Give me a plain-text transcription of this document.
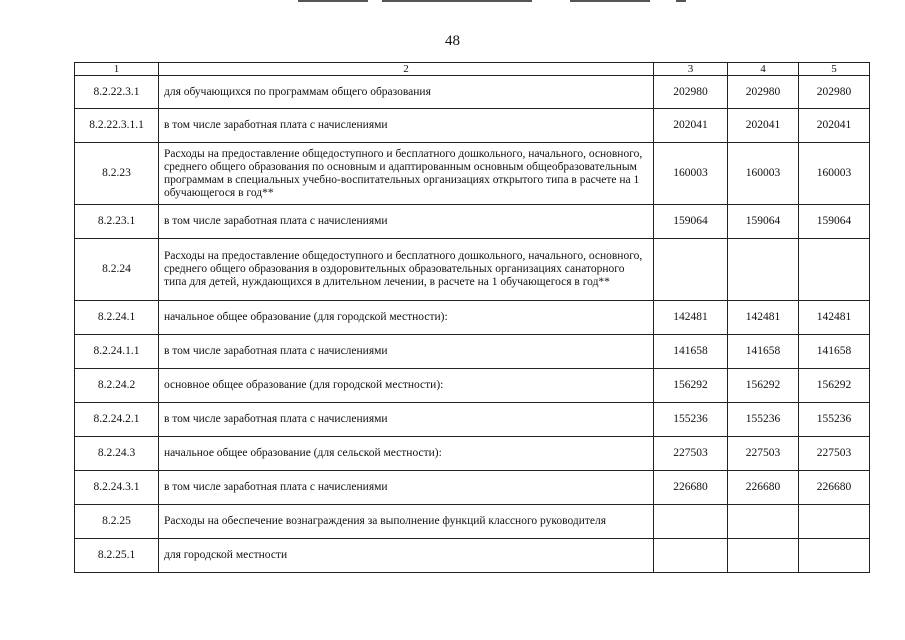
48
1	2	3	4	5
8.2.22.3.1	для обучающихся по программам общего образования	202980	202980	202980
8.2.22.3.1.1	в том числе заработная плата с начислениями	202041	202041	202041
8.2.23	Расходы на предоставление общедоступного и бесплатного дошкольного, начального, основного, среднего общего образования по основным и адаптированным основным общеобразовательным программам в специальных учебно-воспитательных организациях открытого типа в расчете на 1 обучающегося в год**	160003	160003	160003
8.2.23.1	в том числе заработная плата с начислениями	159064	159064	159064
8.2.24	Расходы на предоставление общедоступного и бесплатного дошкольного, начального, основного, среднего общего образования в оздоровительных образовательных организациях санаторного типа для детей, нуждающихся в длительном лечении, в расчете на 1 обучающегося в год**			
8.2.24.1	начальное общее образование (для городской местности):	142481	142481	142481
8.2.24.1.1	в том числе заработная плата с начислениями	141658	141658	141658
8.2.24.2	основное общее образование (для городской местности):	156292	156292	156292
8.2.24.2.1	в том числе заработная плата с начислениями	155236	155236	155236
8.2.24.3	начальное общее образование (для сельской местности):	227503	227503	227503
8.2.24.3.1	в том числе заработная плата с начислениями	226680	226680	226680
8.2.25	Расходы на обеспечение вознаграждения за выполнение функций классного руководителя			
8.2.25.1	для городской местности			
